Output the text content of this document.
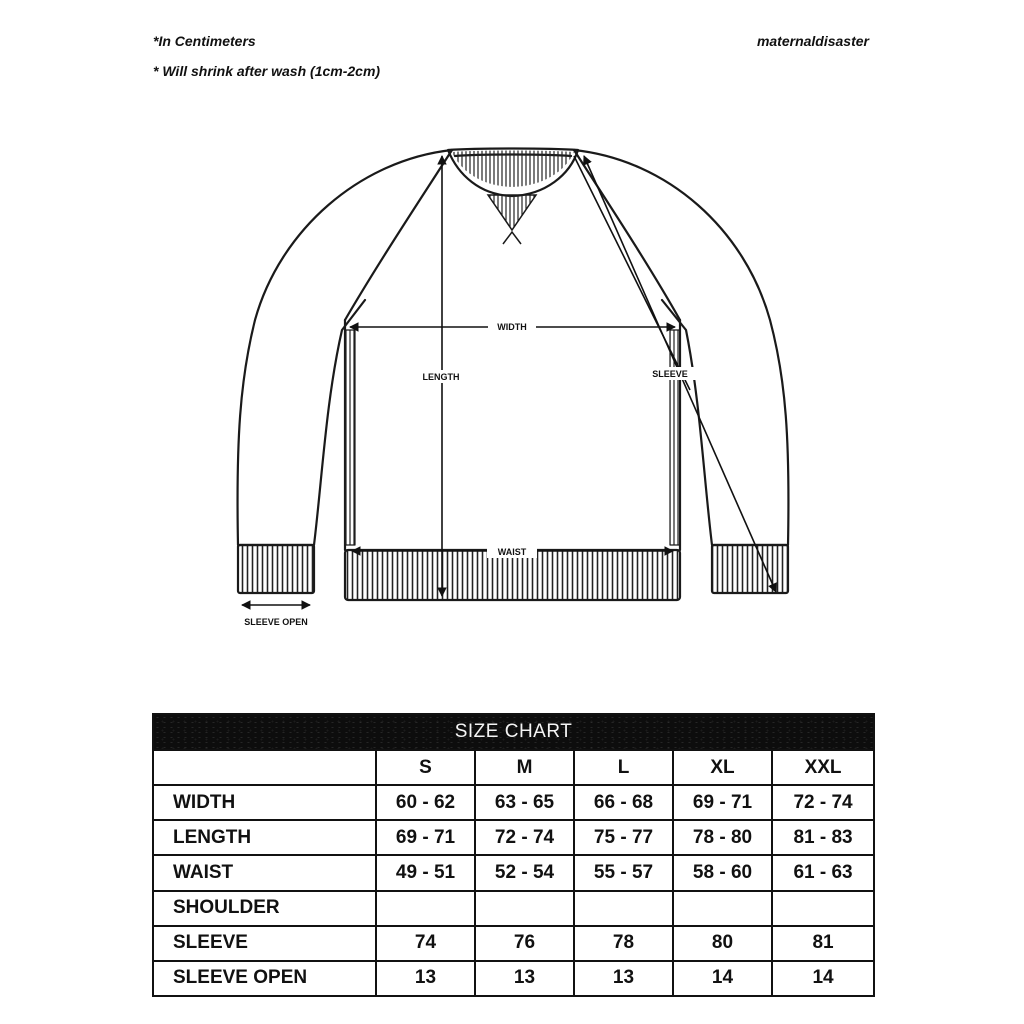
*In Centimeters
* Will shrink after wash (1cm-2cm)
maternaldisaster
WIDTH
LENGTH	SLEEVE
WAIST
SLEEVE OPEN
SIZE CHART					
	S	M	L	XL	XXL
WIDTH	60 - 62	63 - 65	66 - 68	69 - 71	72 - 74
LENGTH	69 - 71	72 - 74	75 - 77	78 - 80	81 - 83
WAIST	49 - 51	52 - 54	55 - 57	58 - 60	61 - 63
SHOULDER					
SLEEVE	74	76	78	80	81
SLEEVE OPEN	13	13	13	14	14
